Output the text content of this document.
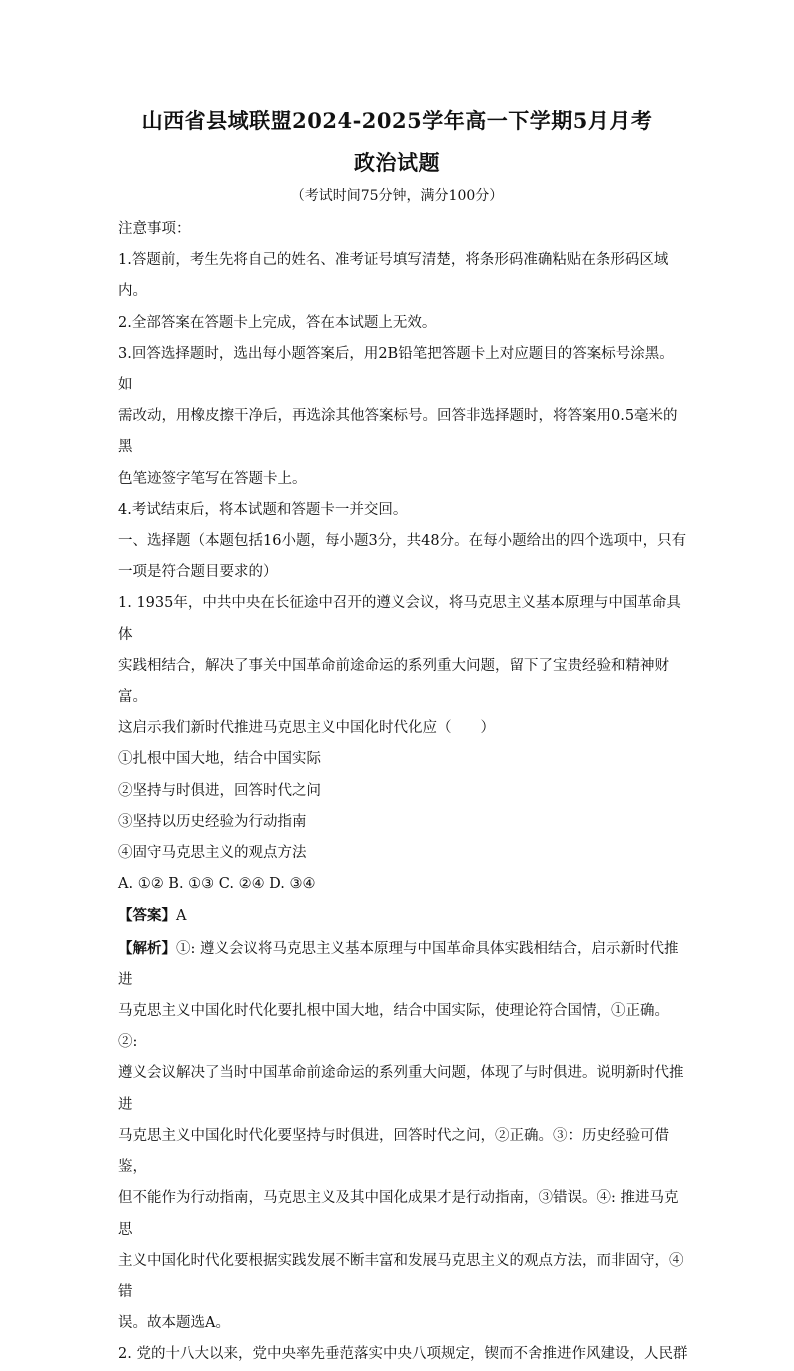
山西省县域联盟2024-2025学年高一下学期5月月考
政治试题
（考试时间75分钟，满分100分）

注意事项：

1.答题前，考生先将自己的姓名、准考证号填写清楚，将条形码准确粘贴在条形码区域内。

2.全部答案在答题卡上完成，答在本试题上无效。

3.回答选择题时，选出每小题答案后，用2B铅笔把答题卡上对应题目的答案标号涂黑。如

需改动，用橡皮擦干净后，再选涂其他答案标号。回答非选择题时，将答案用0.5毫米的黑

色笔迹签字笔写在答题卡上。

4.考试结束后，将本试题和答题卡一并交回。

一、选择题（本题包括16小题，每小题3分，共48分。在每小题给出的四个选项中，只有

一项是符合题目要求的）

1. 1935年，中共中央在长征途中召开的遵义会议，将马克思主义基本原理与中国革命具体

实践相结合，解决了事关中国革命前途命运的系列重大问题，留下了宝贵经验和精神财富。

这启示我们新时代推进马克思主义中国化时代化应（　　）

①扎根中国大地，结合中国实际

②坚持与时俱进，回答时代之问

③坚持以历史经验为行动指南

④固守马克思主义的观点方法

A. ①② B. ①③ C. ②④ D. ③④

【答案】A

【解析】①: 遵义会议将马克思主义基本原理与中国革命具体实践相结合，启示新时代推进

马克思主义中国化时代化要扎根中国大地，结合中国实际，使理论符合国情，①正确。②:

遵义会议解决了当时中国革命前途命运的系列重大问题，体现了与时俱进。说明新时代推进

马克思主义中国化时代化要坚持与时俱进，回答时代之问，②正确。③：历史经验可借鉴，

但不能作为行动指南，马克思主义及其中国化成果才是行动指南，③错误。④: 推进马克思

主义中国化时代化要根据实践发展不断丰富和发展马克思主义的观点方法，而非固守，④错

误。故本题选A。

2. 党的十八大以来，党中央率先垂范落实中央八项规定，锲而不舍推进作风建设，人民群
